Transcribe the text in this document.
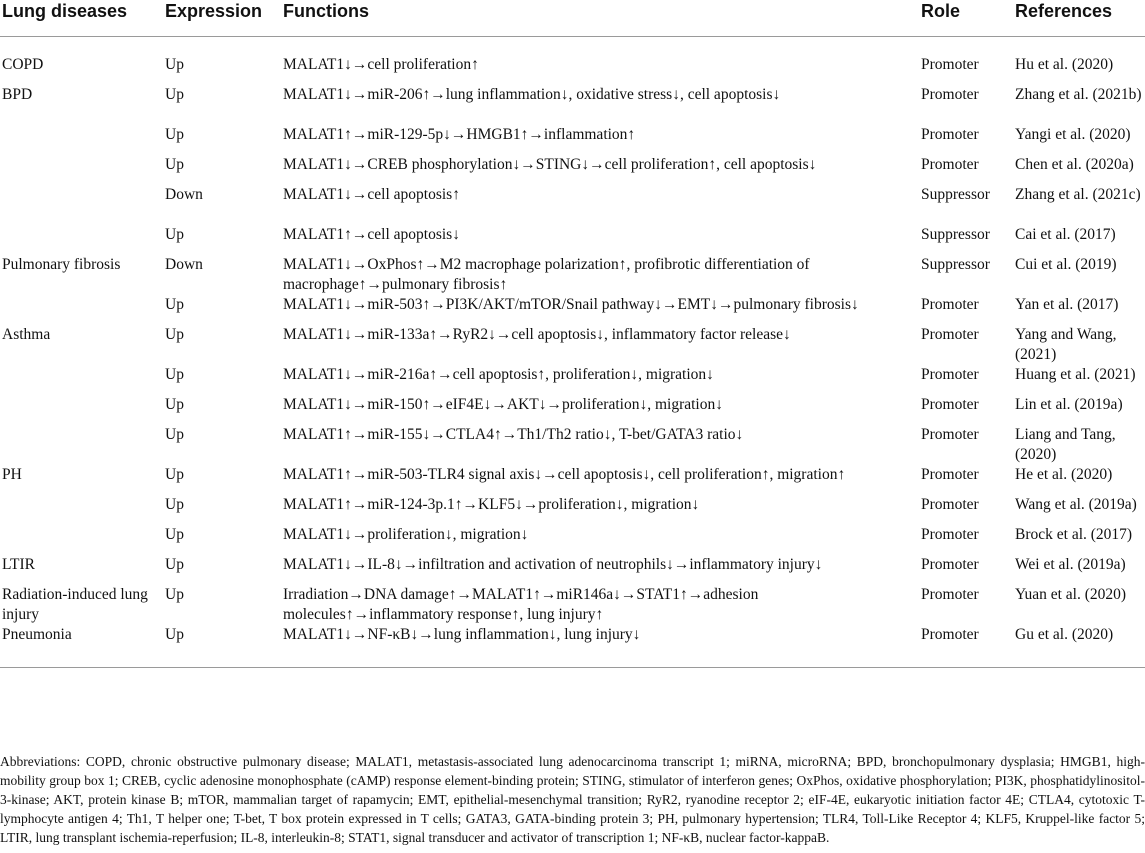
Lung diseases	Expression	Functions	Role	References
COPD	Up	MALAT1↓→cell proliferation↑	Promoter	Hu et al. (2020)
BPD	Up	MALAT1↓→miR-206↑→lung inflammation↓, oxidative stress↓, cell apoptosis↓	Promoter	Zhang et al. (2021b)
	Up	MALAT1↑→miR-129-5p↓→HMGB1↑→inflammation↑	Promoter	Yangi et al. (2020)
	Up	MALAT1↓→CREB phosphorylation↓→STING↓→cell proliferation↑, cell apoptosis↓	Promoter	Chen et al. (2020a)
	Down	MALAT1↓→cell apoptosis↑	Suppressor	Zhang et al. (2021c)
	Up	MALAT1↑→cell apoptosis↓	Suppressor	Cai et al. (2017)
Pulmonary fibrosis	Down	MALAT1↓→OxPhos↑→M2 macrophage polarization↑, profibrotic differentiation of macrophage↑→pulmonary fibrosis↑	Suppressor	Cui et al. (2019)
	Up	MALAT1↓→miR-503↑→PI3K/AKT/mTOR/Snail pathway↓→EMT↓→pulmonary fibrosis↓	Promoter	Yan et al. (2017)
Asthma	Up	MALAT1↓→miR-133a↑→RyR2↓→cell apoptosis↓, inflammatory factor release↓	Promoter	Yang and Wang, (2021)
	Up	MALAT1↓→miR-216a↑→cell apoptosis↑, proliferation↓, migration↓	Promoter	Huang et al. (2021)
	Up	MALAT1↓→miR-150↑→eIF4E↓→AKT↓→proliferation↓, migration↓	Promoter	Lin et al. (2019a)
	Up	MALAT1↑→miR-155↓→CTLA4↑→Th1/Th2 ratio↓, T-bet/GATA3 ratio↓	Promoter	Liang and Tang, (2020)
PH	Up	MALAT1↑→miR-503-TLR4 signal axis↓→cell apoptosis↓, cell proliferation↑, migration↑	Promoter	He et al. (2020)
	Up	MALAT1↑→miR-124-3p.1↑→KLF5↓→proliferation↓, migration↓	Promoter	Wang et al. (2019a)
	Up	MALAT1↓→proliferation↓, migration↓	Promoter	Brock et al. (2017)
LTIR	Up	MALAT1↓→IL-8↓→infiltration and activation of neutrophils↓→inflammatory injury↓	Promoter	Wei et al. (2019a)
Radiation-induced lung injury	Up	Irradiation→DNA damage↑→MALAT1↑→miR146a↓→STAT1↑→adhesion molecules↑→inflammatory response↑, lung injury↑	Promoter	Yuan et al. (2020)
Pneumonia	Up	MALAT1↓→NF-κB↓→lung inflammation↓, lung injury↓	Promoter	Gu et al. (2020)
Abbreviations: COPD, chronic obstructive pulmonary disease; MALAT1, metastasis-associated lung adenocarcinoma transcript 1; miRNA, microRNA; BPD, bronchopulmonary dysplasia; HMGB1, high-mobility group box 1; CREB, cyclic adenosine monophosphate (cAMP) response element-binding protein; STING, stimulator of interferon genes; OxPhos, oxidative phosphorylation; PI3K, phosphatidylinositol-3-kinase; AKT, protein kinase B; mTOR, mammalian target of rapamycin; EMT, epithelial-mesenchymal transition; RyR2, ryanodine receptor 2; eIF-4E, eukaryotic initiation factor 4E; CTLA4, cytotoxic T-lymphocyte antigen 4; Th1, T helper one; T-bet, T box protein expressed in T cells; GATA3, GATA-binding protein 3; PH, pulmonary hypertension; TLR4, Toll-Like Receptor 4; KLF5, Kruppel-like factor 5; LTIR, lung transplant ischemia-reperfusion; IL-8, interleukin-8; STAT1, signal transducer and activator of transcription 1; NF-κB, nuclear factor-kappaB.
